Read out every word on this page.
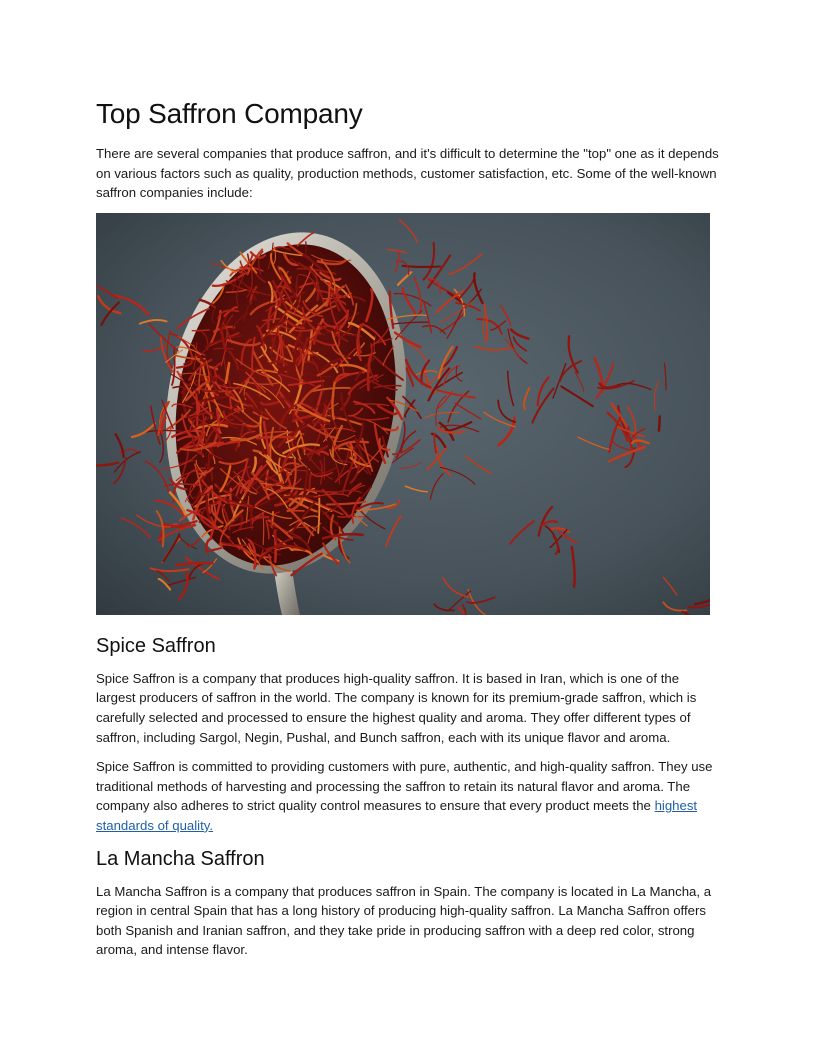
Top Saffron Company

There are several companies that produce saffron, and it's difficult to determine the "top" one as it depends on various factors such as quality, production methods, customer satisfaction, etc. Some of the well-known saffron companies include:

Spice Saffron

Spice Saffron is a company that produces high-quality saffron. It is based in Iran, which is one of the largest producers of saffron in the world. The company is known for its premium-grade saffron, which is carefully selected and processed to ensure the highest quality and aroma. They offer different types of saffron, including Sargol, Negin, Pushal, and Bunch saffron, each with its unique flavor and aroma.

Spice Saffron is committed to providing customers with pure, authentic, and high-quality saffron. They use traditional methods of harvesting and processing the saffron to retain its natural flavor and aroma. The company also adheres to strict quality control measures to ensure that every product meets the highest standards of quality.

La Mancha Saffron

La Mancha Saffron is a company that produces saffron in Spain. The company is located in La Mancha, a region in central Spain that has a long history of producing high-quality saffron. La Mancha Saffron offers both Spanish and Iranian saffron, and they take pride in producing saffron with a deep red color, strong aroma, and intense flavor.
